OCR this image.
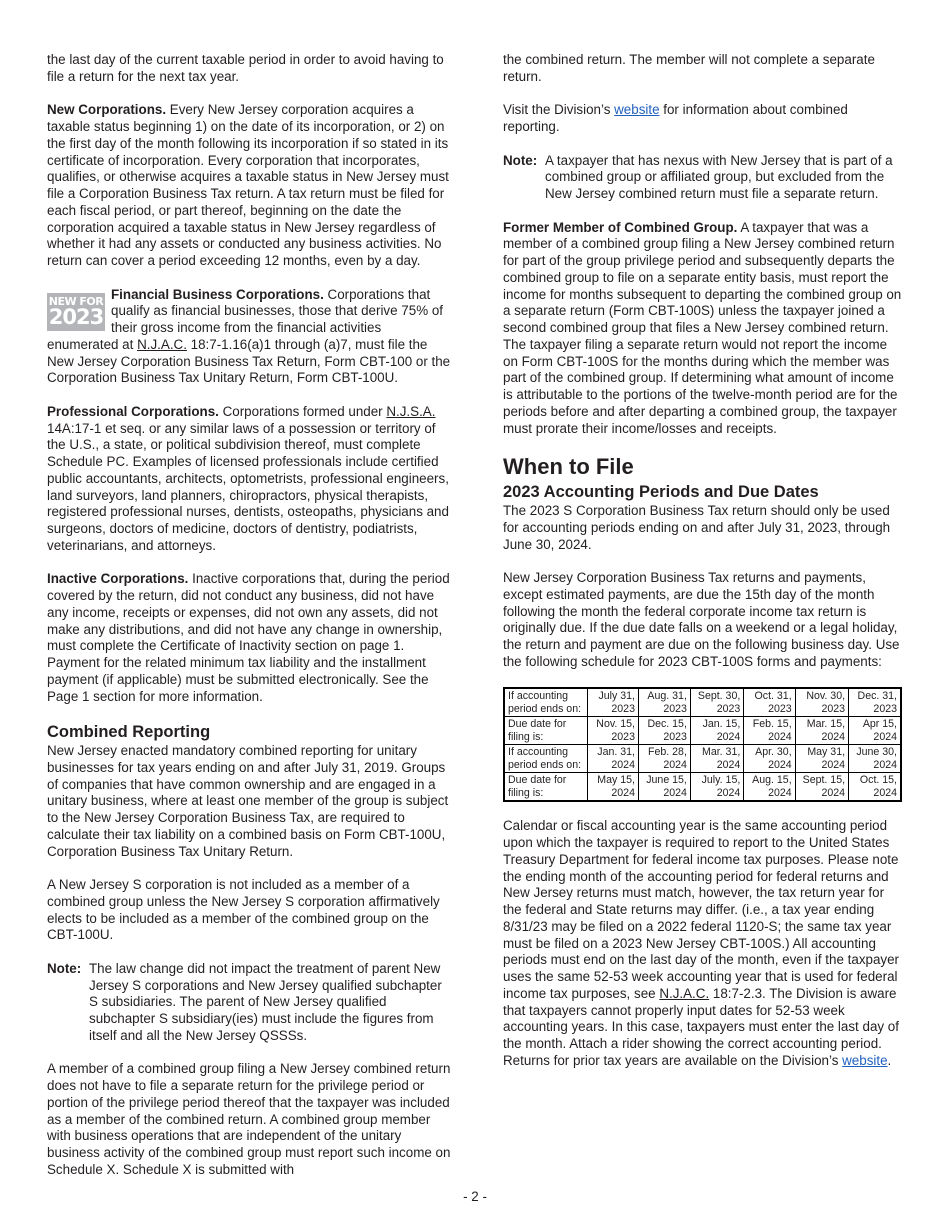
the last day of the current taxable period in order to avoid having to file a return for the next tax year.

New Corporations. Every New Jersey corporation acquires a taxable status beginning 1) on the date of its incorporation, or 2) on the first day of the month following its incorporation if so stated in its certificate of incorporation. Every corporation that incorporates, qualifies, or otherwise acquires a taxable status in New Jersey must file a Corporation Business Tax return. A tax return must be filed for each fiscal period, or part thereof, beginning on the date the corporation acquired a taxable status in New Jersey regardless of whether it had any assets or conducted any business activities. No return can cover a period exceeding 12 months, even by a day.

NEW FOR
2023
Financial Business Corporations. Corporations that qualify as financial businesses, those that derive 75% of their gross income from the financial activities enumerated at N.J.A.C. 18:7-1.16(a)1 through (a)7, must file the New Jersey Corporation Business Tax Return, Form CBT-100 or the Corporation Business Tax Unitary Return, Form CBT-100U.

Professional Corporations. Corporations formed under N.J.S.A. 14A:17-1 et seq. or any similar laws of a possession or territory of the U.S., a state, or political subdivision thereof, must complete Schedule PC. Examples of licensed professionals include certified public accountants, architects, optometrists, professional engineers, land surveyors, land planners, chiropractors, physical therapists, registered professional nurses, dentists, osteopaths, physicians and surgeons, doctors of medicine, doctors of dentistry, podiatrists, veterinarians, and attorneys.

Inactive Corporations. Inactive corporations that, during the period covered by the return, did not conduct any business, did not have any income, receipts or expenses, did not own any assets, did not make any distributions, and did not have any change in ownership, must complete the Certificate of Inactivity section on page 1. Payment for the related minimum tax liability and the installment payment (if applicable) must be submitted electronically. See the Page 1 section for more information.

Combined Reporting

New Jersey enacted mandatory combined reporting for unitary businesses for tax years ending on and after July 31, 2019. Groups of companies that have common ownership and are engaged in a unitary business, where at least one member of the group is subject to the New Jersey Corporation Business Tax, are required to calculate their tax liability on a combined basis on Form CBT-100U, Corporation Business Tax Unitary Return.

A New Jersey S corporation is not included as a member of a combined group unless the New Jersey S corporation affirmatively elects to be included as a member of the combined group on the CBT-100U.

Note: The law change did not impact the treatment of parent New Jersey S corporations and New Jersey qualified subchapter S subsidiaries. The parent of New Jersey qualified subchapter S subsidiary(ies) must include the figures from itself and all the New Jersey QSSSs.

A member of a combined group filing a New Jersey combined return does not have to file a separate return for the privilege period or portion of the privilege period thereof that the taxpayer was included as a member of the combined return. A combined group member with business operations that are independent of the unitary business activity of the combined group must report such income on Schedule X. Schedule X is submitted with

the combined return. The member will not complete a separate return.

Visit the Division’s website for information about combined reporting.

Note: A taxpayer that has nexus with New Jersey that is part of a combined group or affiliated group, but excluded from the New Jersey combined return must file a separate return.

Former Member of Combined Group. A taxpayer that was a member of a combined group filing a New Jersey combined return for part of the group privilege period and subsequently departs the combined group to file on a separate entity basis, must report the income for months subsequent to departing the combined group on a separate return (Form CBT-100S) unless the taxpayer joined a second combined group that files a New Jersey combined return. The taxpayer filing a separate return would not report the income on Form CBT-100S for the months during which the member was part of the combined group. If determining what amount of income is attributable to the portions of the twelve-month period are for the periods before and after departing a combined group, the taxpayer must prorate their income/losses and receipts.

When to File
2023 Accounting Periods and Due Dates

The 2023 S Corporation Business Tax return should only be used for accounting periods ending on and after July 31, 2023, through June 30, 2024.

New Jersey Corporation Business Tax returns and payments, except estimated payments, are due the 15th day of the month following the month the federal corporate income tax return is originally due. If the due date falls on a weekend or a legal holiday, the return and payment are due on the following business day. Use the following schedule for 2023 CBT-100S forms and payments:

If accounting period ends on:	July 31, 2023	Aug. 31, 2023	Sept. 30, 2023	Oct. 31, 2023	Nov. 30, 2023	Dec. 31, 2023
Due date for filing is:	Nov. 15, 2023	Dec. 15, 2023	Jan. 15, 2024	Feb. 15, 2024	Mar. 15, 2024	Apr 15, 2024
If accounting period ends on:	Jan. 31, 2024	Feb. 28, 2024	Mar. 31, 2024	Apr. 30, 2024	May 31, 2024	June 30, 2024
Due date for filing is:	May 15, 2024	June 15, 2024	July. 15, 2024	Aug. 15, 2024	Sept. 15, 2024	Oct. 15, 2024

Calendar or fiscal accounting year is the same accounting period upon which the taxpayer is required to report to the United States Treasury Department for federal income tax purposes. Please note the ending month of the accounting period for federal returns and New Jersey returns must match, however, the tax return year for the federal and State returns may differ. (i.e., a tax year ending 8/31/23 may be filed on a 2022 federal 1120-S; the same tax year must be filed on a 2023 New Jersey CBT-100S.) All accounting periods must end on the last day of the month, even if the taxpayer uses the same 52-53 week accounting year that is used for federal income tax purposes, see N.J.A.C. 18:7-2.3. The Division is aware that taxpayers cannot properly input dates for 52-53 week accounting years. In this case, taxpayers must enter the last day of the month. Attach a rider showing the correct accounting period. Returns for prior tax years are available on the Division’s website.

- 2 -
